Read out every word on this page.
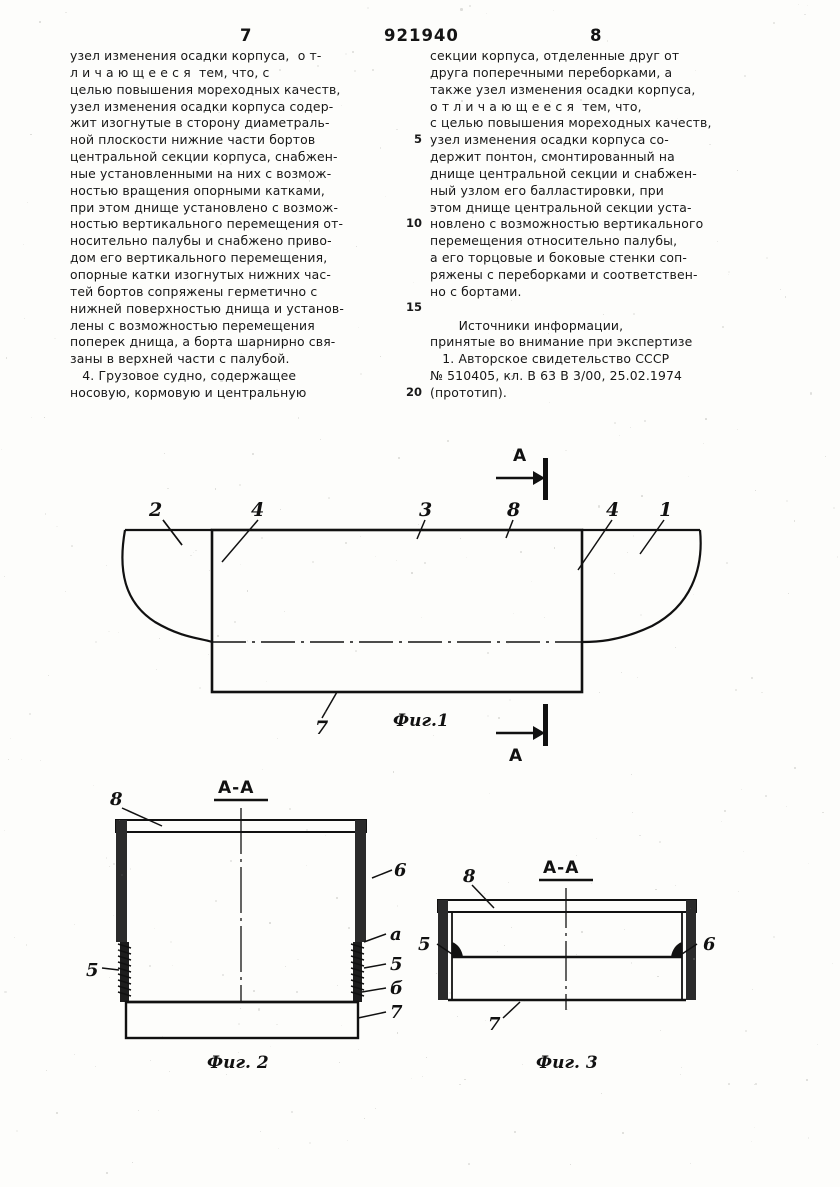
7	921940	8
узел изменения осадки корпуса,  о т-
л и ч а ю щ е е с я  тем, что, с
целью повышения мореходных качеств,
узел изменения осадки корпуса содер-
жит изогнутые в сторону диаметраль-
ной плоскости нижние части бортов
центральной секции корпуса, снабжен-
ные установленными на них с возмож-
ностью вращения опорными катками,
при этом днище установлено с возмож-
ностью вертикального перемещения от-
носительно палубы и снабжено приво-
дом его вертикального перемещения,
опорные катки изогнутых нижних час-
тей бортов сопряжены герметично с
нижней поверхностью днища и установ-
лены с возможностью перемещения
поперек днища, а борта шарнирно свя-
заны в верхней части с палубой.
4. Грузовое судно, содержащее
носовую, кормовую и центральную
секции корпуса, отделенные друг от
друга поперечными переборками, а
также узел изменения осадки корпуса,
о т л и ч а ю щ е е с я  тем, что,
с целью повышения мореходных качеств,
узел изменения осадки корпуса со-
держит понтон, смонтированный на
днище центральной секции и снабжен-
ный узлом его балластировки, при
этом днище центральной секции уста-
новлено с возможностью вертикального
перемещения относительно палубы,
а его торцовые и боковые стенки соп-
ряжены с переборками и соответствен-
но с бортами.
Источники информации,
принятые во внимание при экспертизе
1. Авторское свидетельство СССР
№ 510405, кл. B 63 B 3/00, 25.02.1974
(прототип).
5
10
15
20
2	4	3	8	4 1
7
A
A
Фиг.1
A-A
8
6
а
5
б
7
5
Фиг. 2
A-A
8
5	6
7
Фиг. 3
